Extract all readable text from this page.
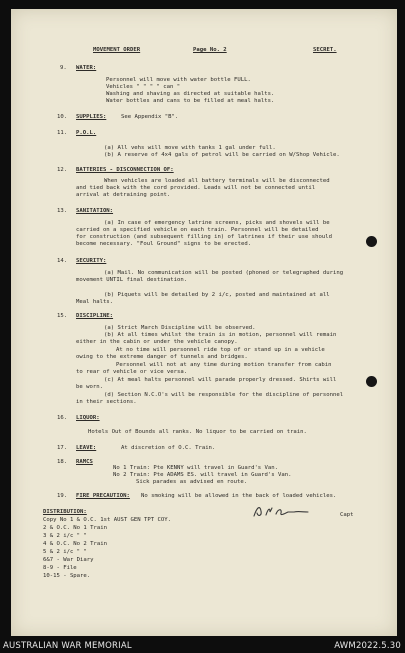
MOVEMENT ORDER	Page No. 2	SECRET.
9. WATER:
Personnel will move with water bottle FULL.
Vehicles " " " " can "
Washing and shaving as directed at suitable halts.
Water bottles and cans to be filled at meal halts.
10. SUPPLIES:	See Appendix "B".
11. P.O.L.
(a) All vehs will move with tanks 1 gal under full.
(b) A reserve of 4x4 gals of petrol will be carried on W/Shop Vehicle.
12. BATTERIES - DISCONNECTION OF:
When vehicles are loaded all battery terminals will be disconnected
and tied back with the cord provided. Leads will not be connected until
arrival at detraining point.
13. SANITATION:
(a) In case of emergency latrine screens, picks and shovels will be
carried on a specified vehicle on each train. Personnel will be detailed
for construction (and subsequent filling in) of latrines if their use should
become necessary. "Foul Ground" signs to be erected.
14. SECURITY:
(a) Mail. No communication will be posted (phoned or telegraphed during
movement UNTIL final destination.
(b) Piquets will be detailed by 2 i/c, posted and maintained at all
Meal halts.
15. DISCIPLINE:
(a) Strict March Discipline will be observed.
(b) At all times whilst the train is in motion, personnel will remain
either in the cabin or under the vehicle canopy.
At no time will personnel ride top of or stand up in a vehicle
owing to the extreme danger of tunnels and bridges.
Personnel will not at any time during motion transfer from cabin
to rear of vehicle or vice versa.
(c) At meal halts personnel will parade properly dressed. Shirts will
be worn.
(d) Section N.C.O's will be responsible for the discipline of personnel
in their sections.
16. LIQUOR:
Hotels Out of Bounds all ranks. No liquor to be carried on train.
17. LEAVE:	At discretion of O.C. Train.
18. RAMCS
No 1 Train: Pte KENNY will travel in Guard's Van.
No 2 Train: Pte ADAMS ES. will travel in Guard's Van.
Sick parades as advised en route.
19. FIRE PRECAUTION: No smoking will be allowed in the back of loaded vehicles.
Capt
DISTRIBUTION:
Copy No 1 & O.C. 1st AUST GEN TPT COY.
2 & O.C. No 1 Train
3 & 2 i/c " "
4 & O.C. No 2 Train
5 & 2 i/c " "
6&7 - War Diary
8-9 - File
10-15 - Spare.
AUSTRALIAN WAR MEMORIAL	AWM2022.5.30
